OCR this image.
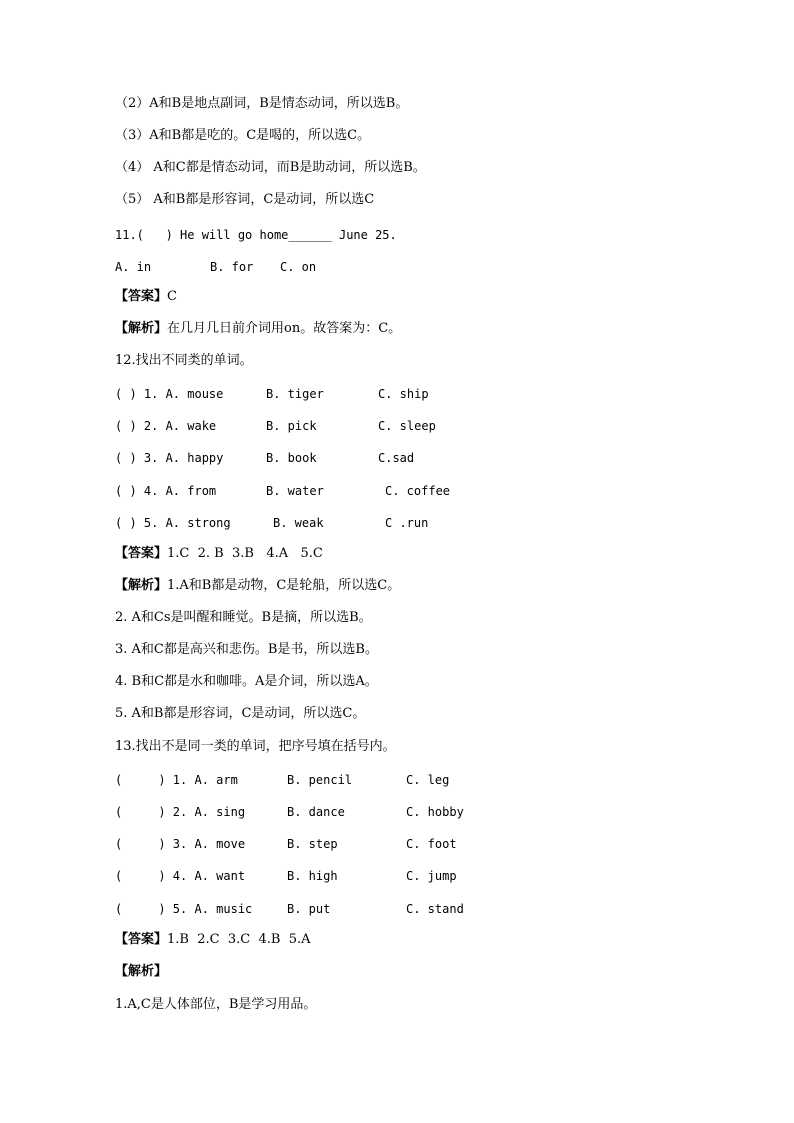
（2）A和B是地点副词，B是情态动词，所以选B。
（3）A和B都是吃的。C是喝的，所以选C。
（4） A和C都是情态动词，而B是助动词，所以选B。
（5） A和B都是形容词，C是动词，所以选C
11.(   ) He will go home______ June 25.

A. in

	B. for

C. on

【答案】C
【解析】在几月几日前介词用on。故答案为：C。
12.找出不同类的单词。

( ) 1. A. mouse

	B. tiger

	C. ship

( ) 2. A. wake

	B. pick

	C. sleep

( ) 3. A. happy

	B. book

	C.sad

( ) 4. A. from

	B. water

	C. coffee

( ) 5. A. strong

	B. weak

	C .run

【答案】1.C  2. B  3.B   4.A   5.C
【解析】1.A和B都是动物，C是轮船，所以选C。
2. A和Cs是叫醒和睡觉。B是摘，所以选B。
3. A和C都是高兴和悲伤。B是书，所以选B。
4. B和C都是水和咖啡。A是介词，所以选A。
5. A和B都是形容词，C是动词，所以选C。
13.找出不是同一类的单词，把序号填在括号内。

(     ) 1. A. arm

	B. pencil

	C. leg

(     ) 2. A. sing

	B. dance

	C. hobby

(     ) 3. A. move

	B. step

	C. foot

(     ) 4. A. want

	B. high

	C. jump

(     ) 5. A. music

	B. put

	C. stand

【答案】1.B  2.C  3.C  4.B  5.A
【解析】
1.A,C是人体部位，B是学习用品。
